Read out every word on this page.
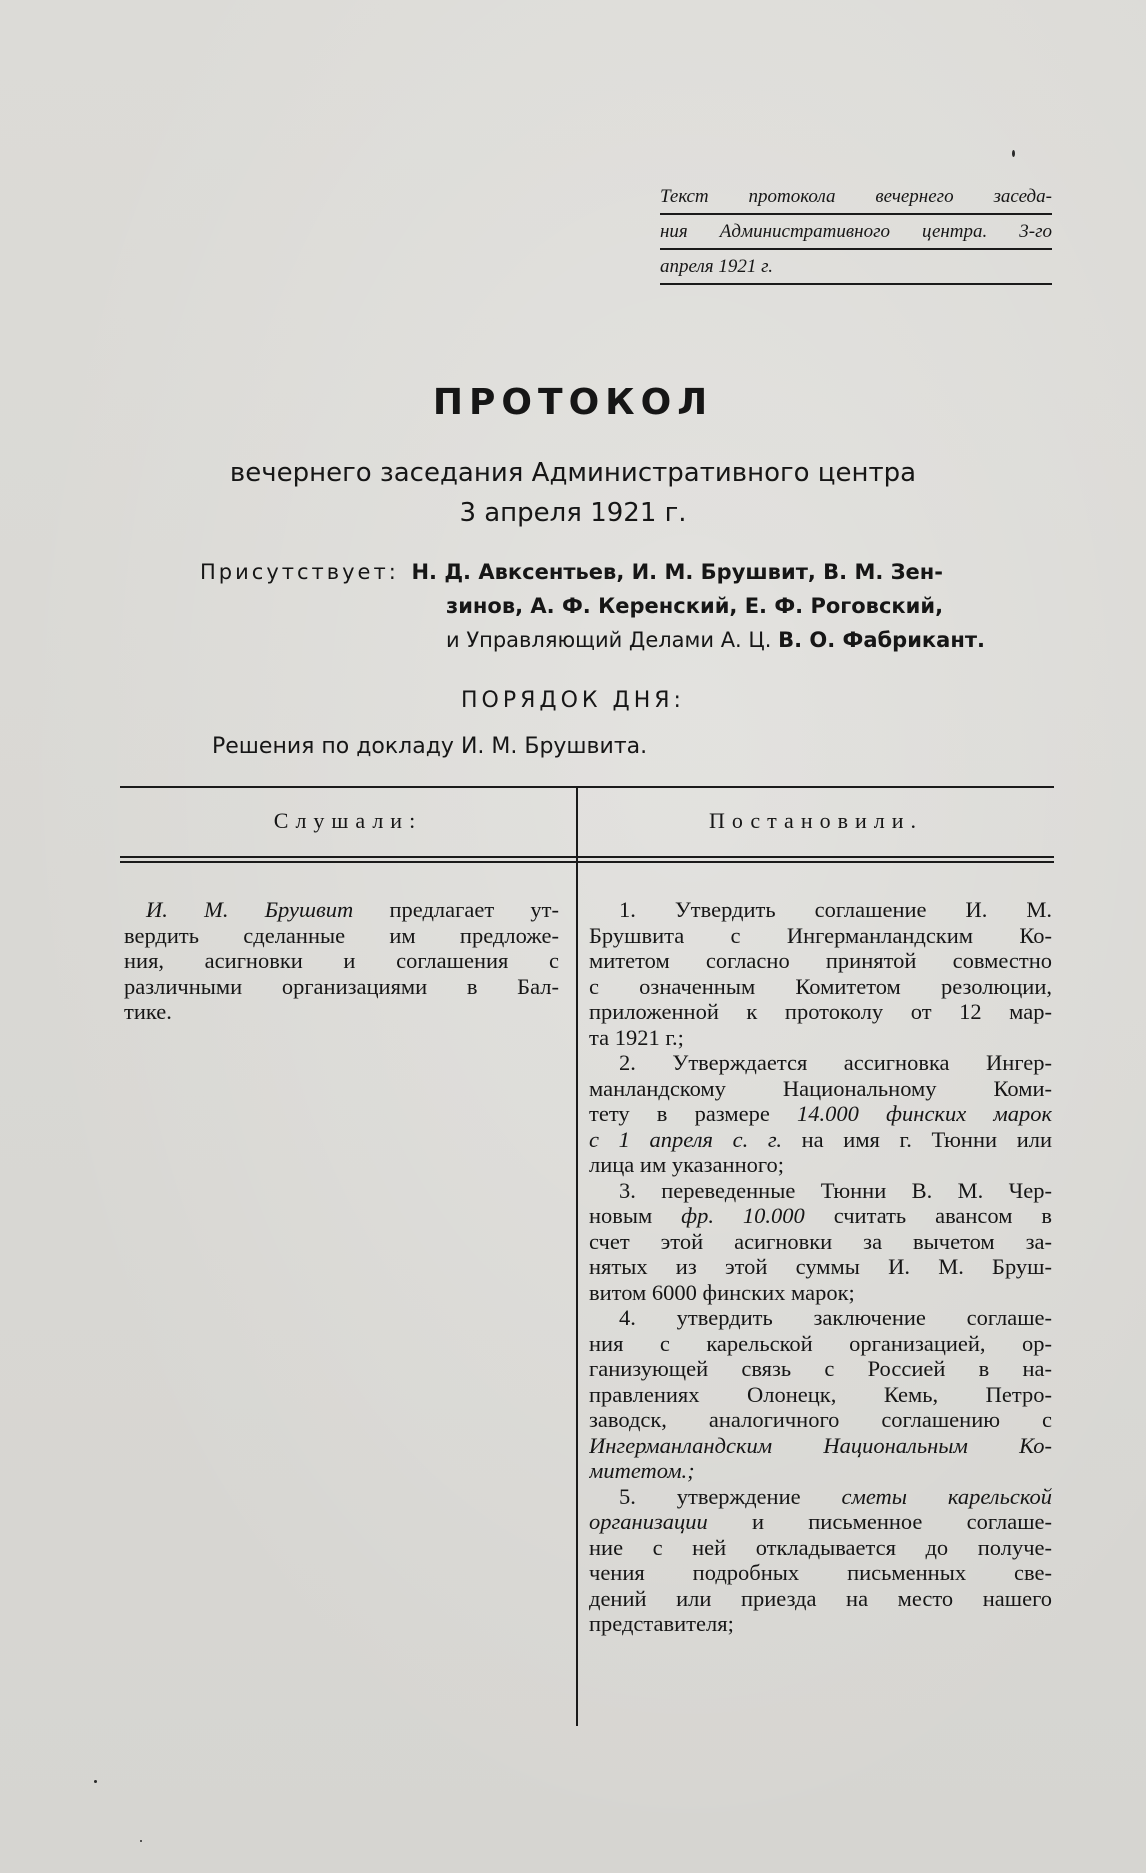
Текст протокола вечернего заседа-
ния Административного центра. 3-го
апреля 1921 г.
ПРОТОКОЛ
вечернего заседания Административного центра
3 апреля 1921 г.
Присутствует: Н. Д. Авксентьев, И. М. Брушвит, В. М. Зен-
зинов, А. Ф. Керенский, Е. Ф. Роговский,
и Управляющий Делами А. Ц. В. О. Фабрикант.
ПОРЯДОК ДНЯ:
Решения по докладу И. М. Брушвита.
Слушали:	Постановили.
И. М. Брушвит предлагает ут-
вердить сделанные им предложе-
ния, асигновки и соглашения с
различными организациями в Бал-
тике.
1. Утвердить соглашение И. М.
Брушвита с Ингерманландским Ко-
митетом согласно принятой совместно
с означенным Комитетом резолюции,
приложенной к протоколу от 12 мар-
та 1921 г.;
2. Утверждается ассигновка Ингер-
манландскому Национальному Коми-
тету в размере 14.000 финских марок
с 1 апреля с. г. на имя г. Тюнни или
лица им указанного;
3. переведенные Тюнни В. М. Чер-
новым фр. 10.000 считать авансом в
счет этой асигновки за вычетом за-
нятых из этой суммы И. М. Бруш-
витом 6000 финских марок;
4. утвердить заключение соглаше-
ния с карельской организацией, ор-
ганизующей связь с Россией в на-
правлениях Олонецк, Кемь, Петро-
заводск, аналогичного соглашению с
Ингерманландским Национальным Ко-
митетом.;
5. утверждение сметы карельской
организации и письменное соглаше-
ние с ней откладывается до получе-
чения подробных письменных све-
дений или приезда на место нашего
представителя;
